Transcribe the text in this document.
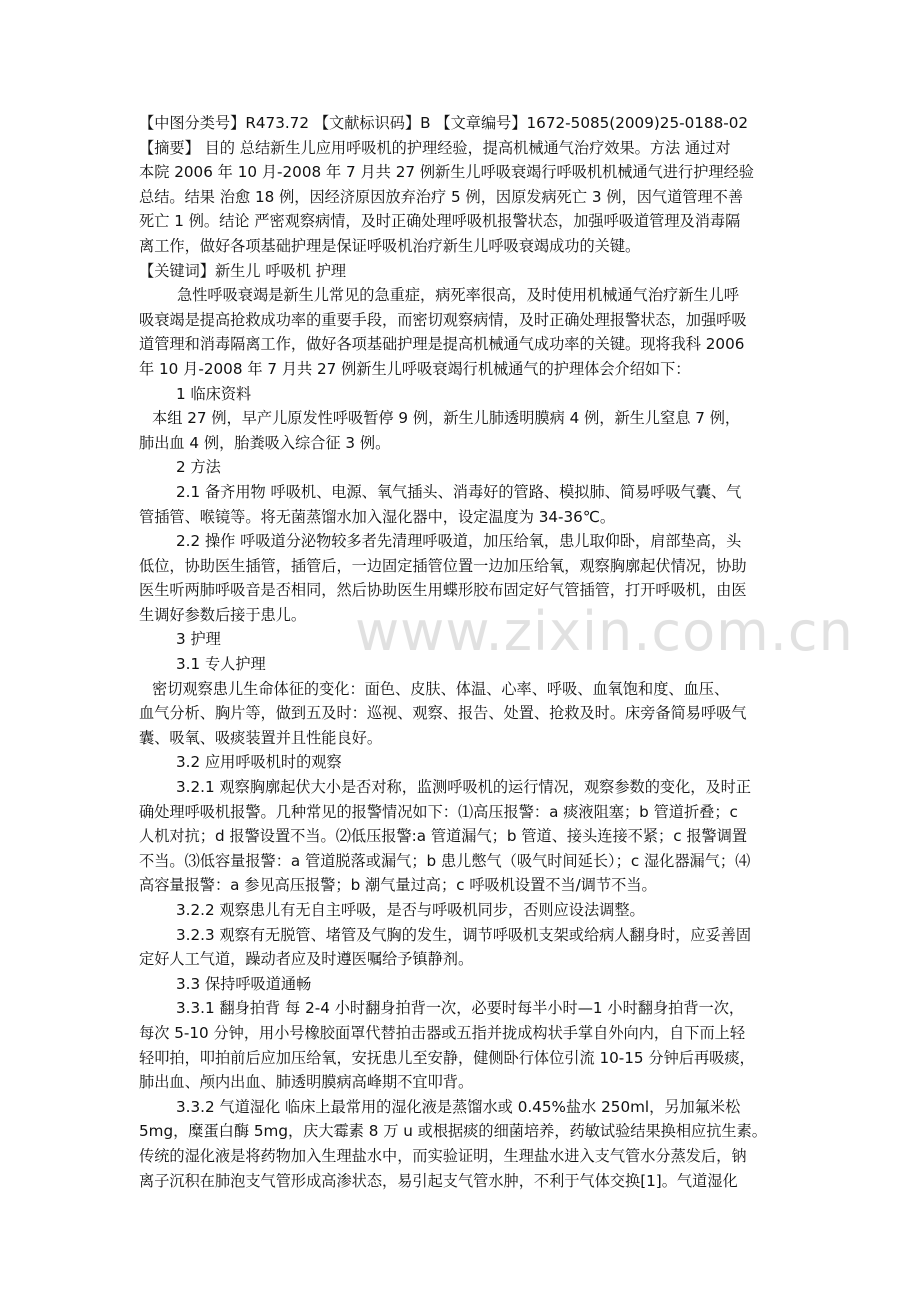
www.zixin.com.cn

【中图分类号】R473.72 【文献标识码】B 【文章编号】1672-5085(2009)25-0188-02

【摘要】 目的 总结新生儿应用呼吸机的护理经验，提高机械通气治疗效果。方法 通过对

本院 2006 年 10 月-2008 年 7 月共 27 例新生儿呼吸衰竭行呼吸机机械通气进行护理经验

总结。结果 治愈 18 例，因经济原因放弃治疗 5 例，因原发病死亡 3 例，因气道管理不善

死亡 1 例。结论 严密观察病情，及时正确处理呼吸机报警状态，加强呼吸道管理及消毒隔

离工作，做好各项基础护理是保证呼吸机治疗新生儿呼吸衰竭成功的关键。

【关键词】新生儿 呼吸机 护理

急性呼吸衰竭是新生儿常见的急重症，病死率很高，及时使用机械通气治疗新生儿呼

吸衰竭是提高抢救成功率的重要手段，而密切观察病情，及时正确处理报警状态，加强呼吸

道管理和消毒隔离工作，做好各项基础护理是提高机械通气成功率的关键。现将我科 2006

年 10 月-2008 年 7 月共 27 例新生儿呼吸衰竭行机械通气的护理体会介绍如下：

1 临床资料

本组 27 例，早产儿原发性呼吸暂停 9 例，新生儿肺透明膜病 4 例，新生儿窒息 7 例，

肺出血 4 例，胎粪吸入综合征 3 例。

2 方法

2.1 备齐用物 呼吸机、电源、氧气插头、消毒好的管路、模拟肺、简易呼吸气囊、气

管插管、喉镜等。将无菌蒸馏水加入湿化器中，设定温度为 34-36℃。

2.2 操作 呼吸道分泌物较多者先清理呼吸道，加压给氧，患儿取仰卧，肩部垫高，头

低位，协助医生插管，插管后，一边固定插管位置一边加压给氧，观察胸廓起伏情况，协助

医生听两肺呼吸音是否相同，然后协助医生用蝶形胶布固定好气管插管，打开呼吸机，由医

生调好参数后接于患儿。

3 护理

3.1 专人护理

密切观察患儿生命体征的变化：面色、皮肤、体温、心率、呼吸、血氧饱和度、血压、

血气分析、胸片等，做到五及时：巡视、观察、报告、处置、抢救及时。床旁备简易呼吸气

囊、吸氧、吸痰装置并且性能良好。

3.2 应用呼吸机时的观察

3.2.1 观察胸廓起伏大小是否对称，监测呼吸机的运行情况，观察参数的变化，及时正

确处理呼吸机报警。几种常见的报警情况如下：⑴高压报警：a 痰液阻塞；b 管道折叠；c

人机对抗；d 报警设置不当。⑵低压报警:a 管道漏气；b 管道、接头连接不紧；c 报警调置

不当。⑶低容量报警：a 管道脱落或漏气；b 患儿憋气（吸气时间延长）；c 湿化器漏气；⑷

高容量报警：a 参见高压报警；b 潮气量过高；c 呼吸机设置不当/调节不当。

3.2.2 观察患儿有无自主呼吸，是否与呼吸机同步，否则应设法调整。

3.2.3 观察有无脱管、堵管及气胸的发生，调节呼吸机支架或给病人翻身时，应妥善固

定好人工气道，躁动者应及时遵医嘱给予镇静剂。

3.3 保持呼吸道通畅

3.3.1 翻身拍背 每 2-4 小时翻身拍背一次，必要时每半小时—1 小时翻身拍背一次，

每次 5-10 分钟，用小号橡胶面罩代替拍击器或五指并拢成构状手掌自外向内，自下而上轻

轻叩拍，叩拍前后应加压给氧，安抚患儿至安静，健侧卧行体位引流 10-15 分钟后再吸痰，

肺出血、颅内出血、肺透明膜病高峰期不宜叩背。

3.3.2 气道湿化 临床上最常用的湿化液是蒸馏水或 0.45%盐水 250ml，另加氟米松

5mg，糜蛋白酶 5mg，庆大霉素 8 万 u 或根据痰的细菌培养，药敏试验结果换相应抗生素。

传统的湿化液是将药物加入生理盐水中，而实验证明，生理盐水进入支气管水分蒸发后，钠

离子沉积在肺泡支气管形成高渗状态，易引起支气管水肿，不利于气体交换[1]。气道湿化
